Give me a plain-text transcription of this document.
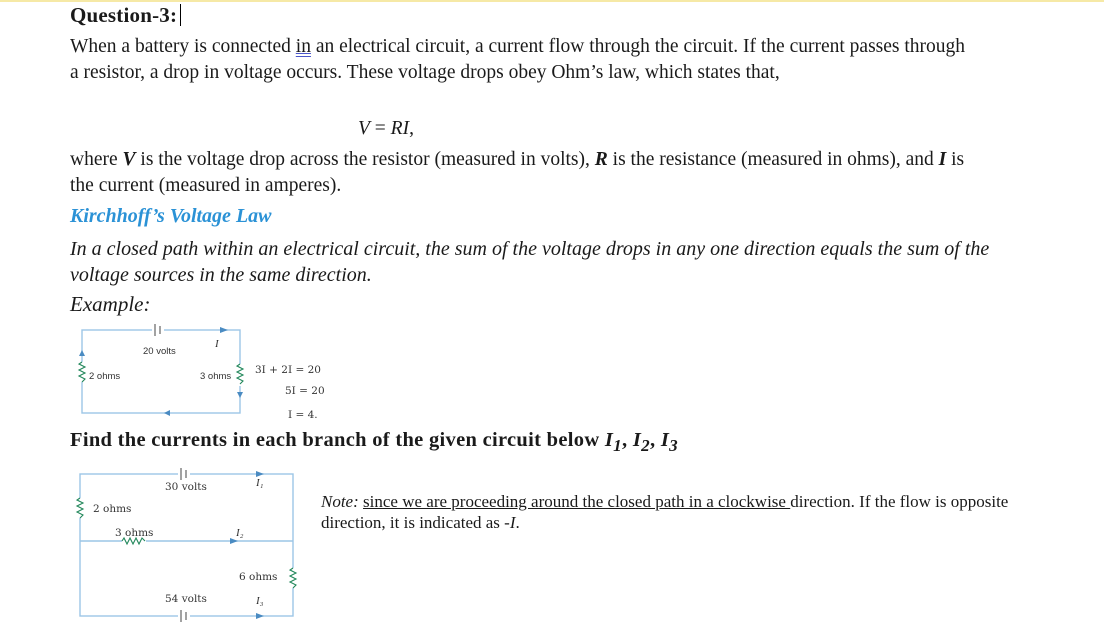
Question-3:
When a battery is connected in an electrical circuit, a current flow through the circuit. If the current passes through a resistor, a drop in voltage occurs. These voltage drops obey Ohm’s law, which states that,
V = RI,
where V is the voltage drop across the resistor (measured in volts), R is the resistance (measured in ohms), and I is the current (measured in amperes).
Kirchhoff’s Voltage Law
In a closed path within an electrical circuit, the sum of the voltage drops in any one direction equals the sum of the voltage sources in the same direction.
Example:
20 volts
I
2 ohms	3 ohms
3I + 2I = 20
5I = 20
I = 4.
Find the currents in each branch of the given circuit below $I_1$, $I_2$, $I_3$
30 volts	I₁
2 ohms
3 ohms	I₂
6 ohms
54 volts	I₃
Note: since we are proceeding around the closed path in a clockwise direction. If the flow is opposite direction, it is indicated as -I.
